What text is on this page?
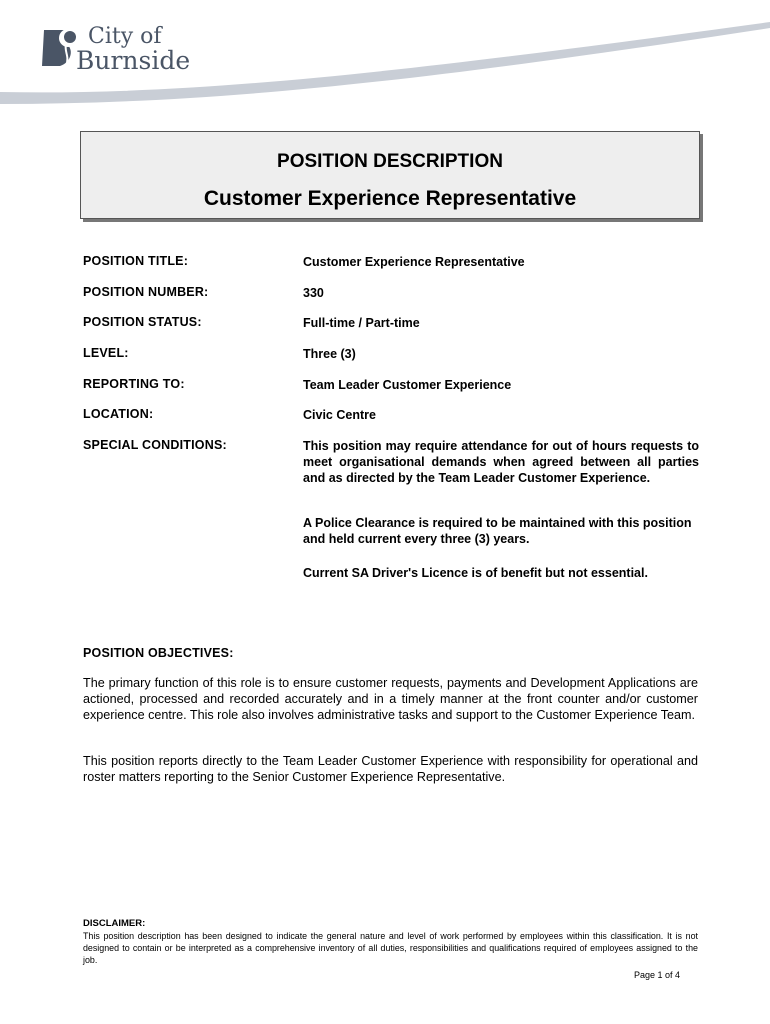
City of
Burnside
POSITION DESCRIPTION
Customer Experience Representative
POSITION TITLE:	Customer Experience Representative
POSITION NUMBER:	330
POSITION STATUS:	Full-time / Part-time
LEVEL:	Three (3)
REPORTING TO:	Team Leader Customer Experience
LOCATION:	Civic Centre
SPECIAL CONDITIONS:	This position may require attendance for out of hours requests to meet organisational demands when agreed between all parties and as directed by the Team Leader Customer Experience.
A Police Clearance is required to be maintained with this position and held current every three (3) years.
Current SA Driver's Licence is of benefit but not essential.
POSITION OBJECTIVES:
The primary function of this role is to ensure customer requests, payments and Development Applications are actioned, processed and recorded accurately and in a timely manner at the front counter and/or customer experience centre. This role also involves administrative tasks and support to the Customer Experience Team.
This position reports directly to the Team Leader Customer Experience with responsibility for operational and roster matters reporting to the Senior Customer Experience Representative.
DISCLAIMER:
This position description has been designed to indicate the general nature and level of work performed by employees within this classification. It is not designed to contain or be interpreted as a comprehensive inventory of all duties, responsibilities and qualifications required of employees assigned to the job.
Page 1 of 4
